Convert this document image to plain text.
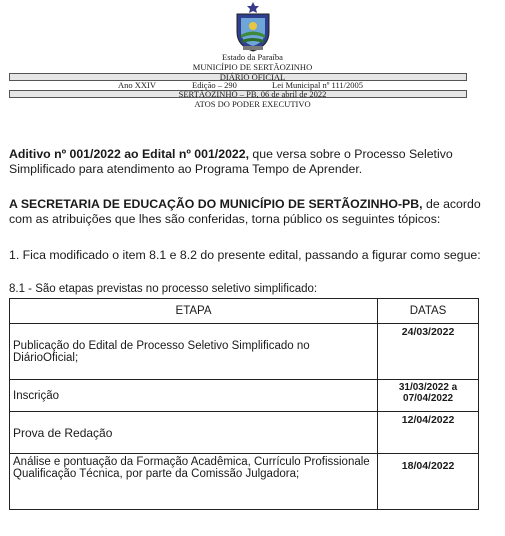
Estado da Paraíba
MUNICÍPIO DE SERTÃOZINHO
DIÁRIO OFICIAL
Ano XXIV	Edição – 290	Lei Municipal nº 111/2005
SERTÃOZINHO – PB, 06 de abril de 2022
ATOS DO PODER EXECUTIVO
Aditivo nº 001/2022 ao Edital nº 001/2022, que versa sobre o Processo Seletivo Simplificado para atendimento ao Programa Tempo de Aprender.
A SECRETARIA DE EDUCAÇÃO DO MUNICÍPIO DE SERTÃOZINHO-PB, de acordo com as atribuições que lhes são conferidas, torna público os seguintes tópicos:
1. Fica modificado o item 8.1 e 8.2 do presente edital, passando a figurar como segue:
8.1 - São etapas previstas no processo seletivo simplificado:
ETAPA	DATAS
Publicação do Edital de Processo Seletivo Simplificado no DiárioOficial;	24/03/2022
Inscrição	31/03/2022 a 07/04/2022
Prova de Redação	12/04/2022
Análise e pontuação da Formação Acadêmica, Currículo Profissionale Qualificação Técnica, por parte da Comissão Julgadora;	18/04/2022
